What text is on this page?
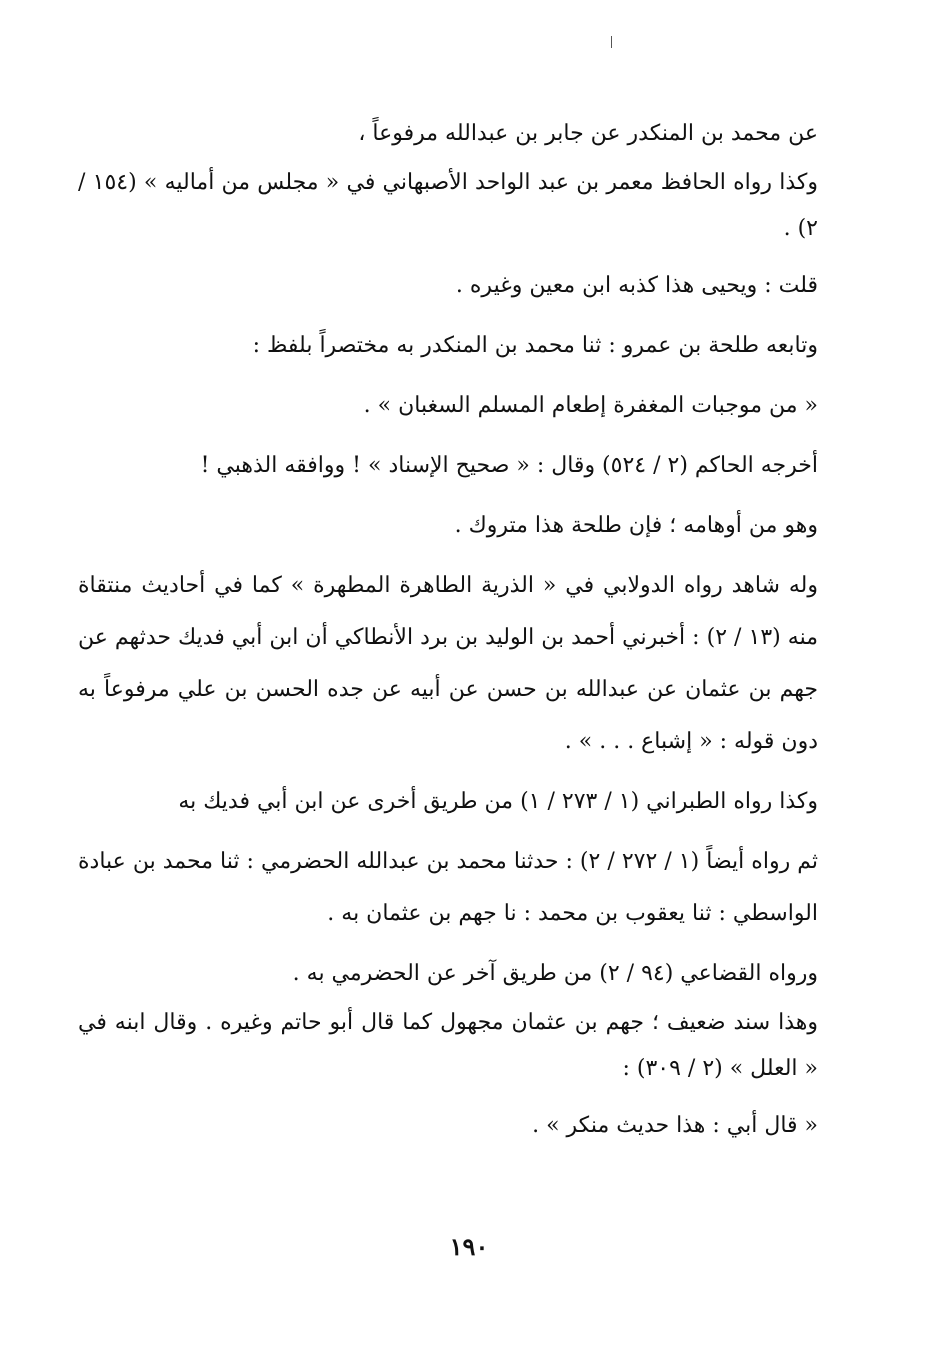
عن محمد بن المنكدر عن جابر بن عبدالله مرفوعاً ،

وكذا رواه الحافظ معمر بن عبد الواحد الأصبهاني في « مجلس من أماليه » (١٥٤ / ٢) .

قلت : ويحيى هذا كذبه ابن معين وغيره .

وتابعه طلحة بن عمرو : ثنا محمد بن المنكدر به مختصراً بلفظ :

« من موجبات المغفرة إطعام المسلم السغبان » .

أخرجه الحاكم (٢ / ٥٢٤) وقال : « صحيح الإسناد » ! ووافقه الذهبي !

وهو من أوهامه ؛ فإن طلحة هذا متروك .

وله شاهد رواه الدولابي في « الذرية الطاهرة المطهرة » كما في أحاديث منتقاة منه (١٣ / ٢) : أخبرني أحمد بن الوليد بن برد الأنطاكي أن ابن أبي فديك حدثهم عن جهم بن عثمان عن عبدالله بن حسن عن أبيه عن جده الحسن بن علي مرفوعاً به دون قوله : « إشباع . . . » .

وكذا رواه الطبراني (١ / ٢٧٣ / ١) من طريق أخرى عن ابن أبي فديك به

ثم رواه أيضاً (١ / ٢٧٢ / ٢) : حدثنا محمد بن عبدالله الحضرمي : ثنا محمد بن عبادة الواسطي : ثنا يعقوب بن محمد : نا جهم بن عثمان به .

ورواه القضاعي (٩٤ / ٢) من طريق آخر عن الحضرمي به .

وهذا سند ضعيف ؛ جهم بن عثمان مجهول كما قال أبو حاتم وغيره . وقال ابنه في « العلل » (٢ / ٣٠٩) :

« قال أبي : هذا حديث منكر » .

١٩٠
